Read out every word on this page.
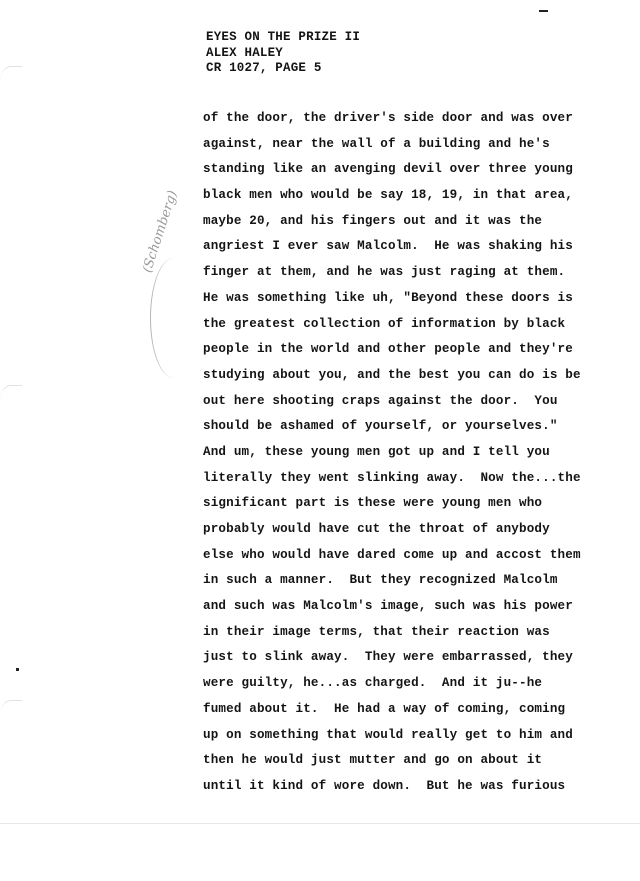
EYES ON THE PRIZE II
ALEX HALEY
CR 1027, PAGE 5
(Schomberg)
of the door, the driver's side door and was over
against, near the wall of a building and he's
standing like an avenging devil over three young
black men who would be say 18, 19, in that area,
maybe 20, and his fingers out and it was the
angriest I ever saw Malcolm.  He was shaking his
finger at them, and he was just raging at them.
He was something like uh, "Beyond these doors is
the greatest collection of information by black
people in the world and other people and they're
studying about you, and the best you can do is be
out here shooting craps against the door.  You
should be ashamed of yourself, or yourselves."
And um, these young men got up and I tell you
literally they went slinking away.  Now the...the
significant part is these were young men who
probably would have cut the throat of anybody
else who would have dared come up and accost them
in such a manner.  But they recognized Malcolm
and such was Malcolm's image, such was his power
in their image terms, that their reaction was
just to slink away.  They were embarrassed, they
were guilty, he...as charged.  And it ju--he
fumed about it.  He had a way of coming, coming
up on something that would really get to him and
then he would just mutter and go on about it
until it kind of wore down.  But he was furious
